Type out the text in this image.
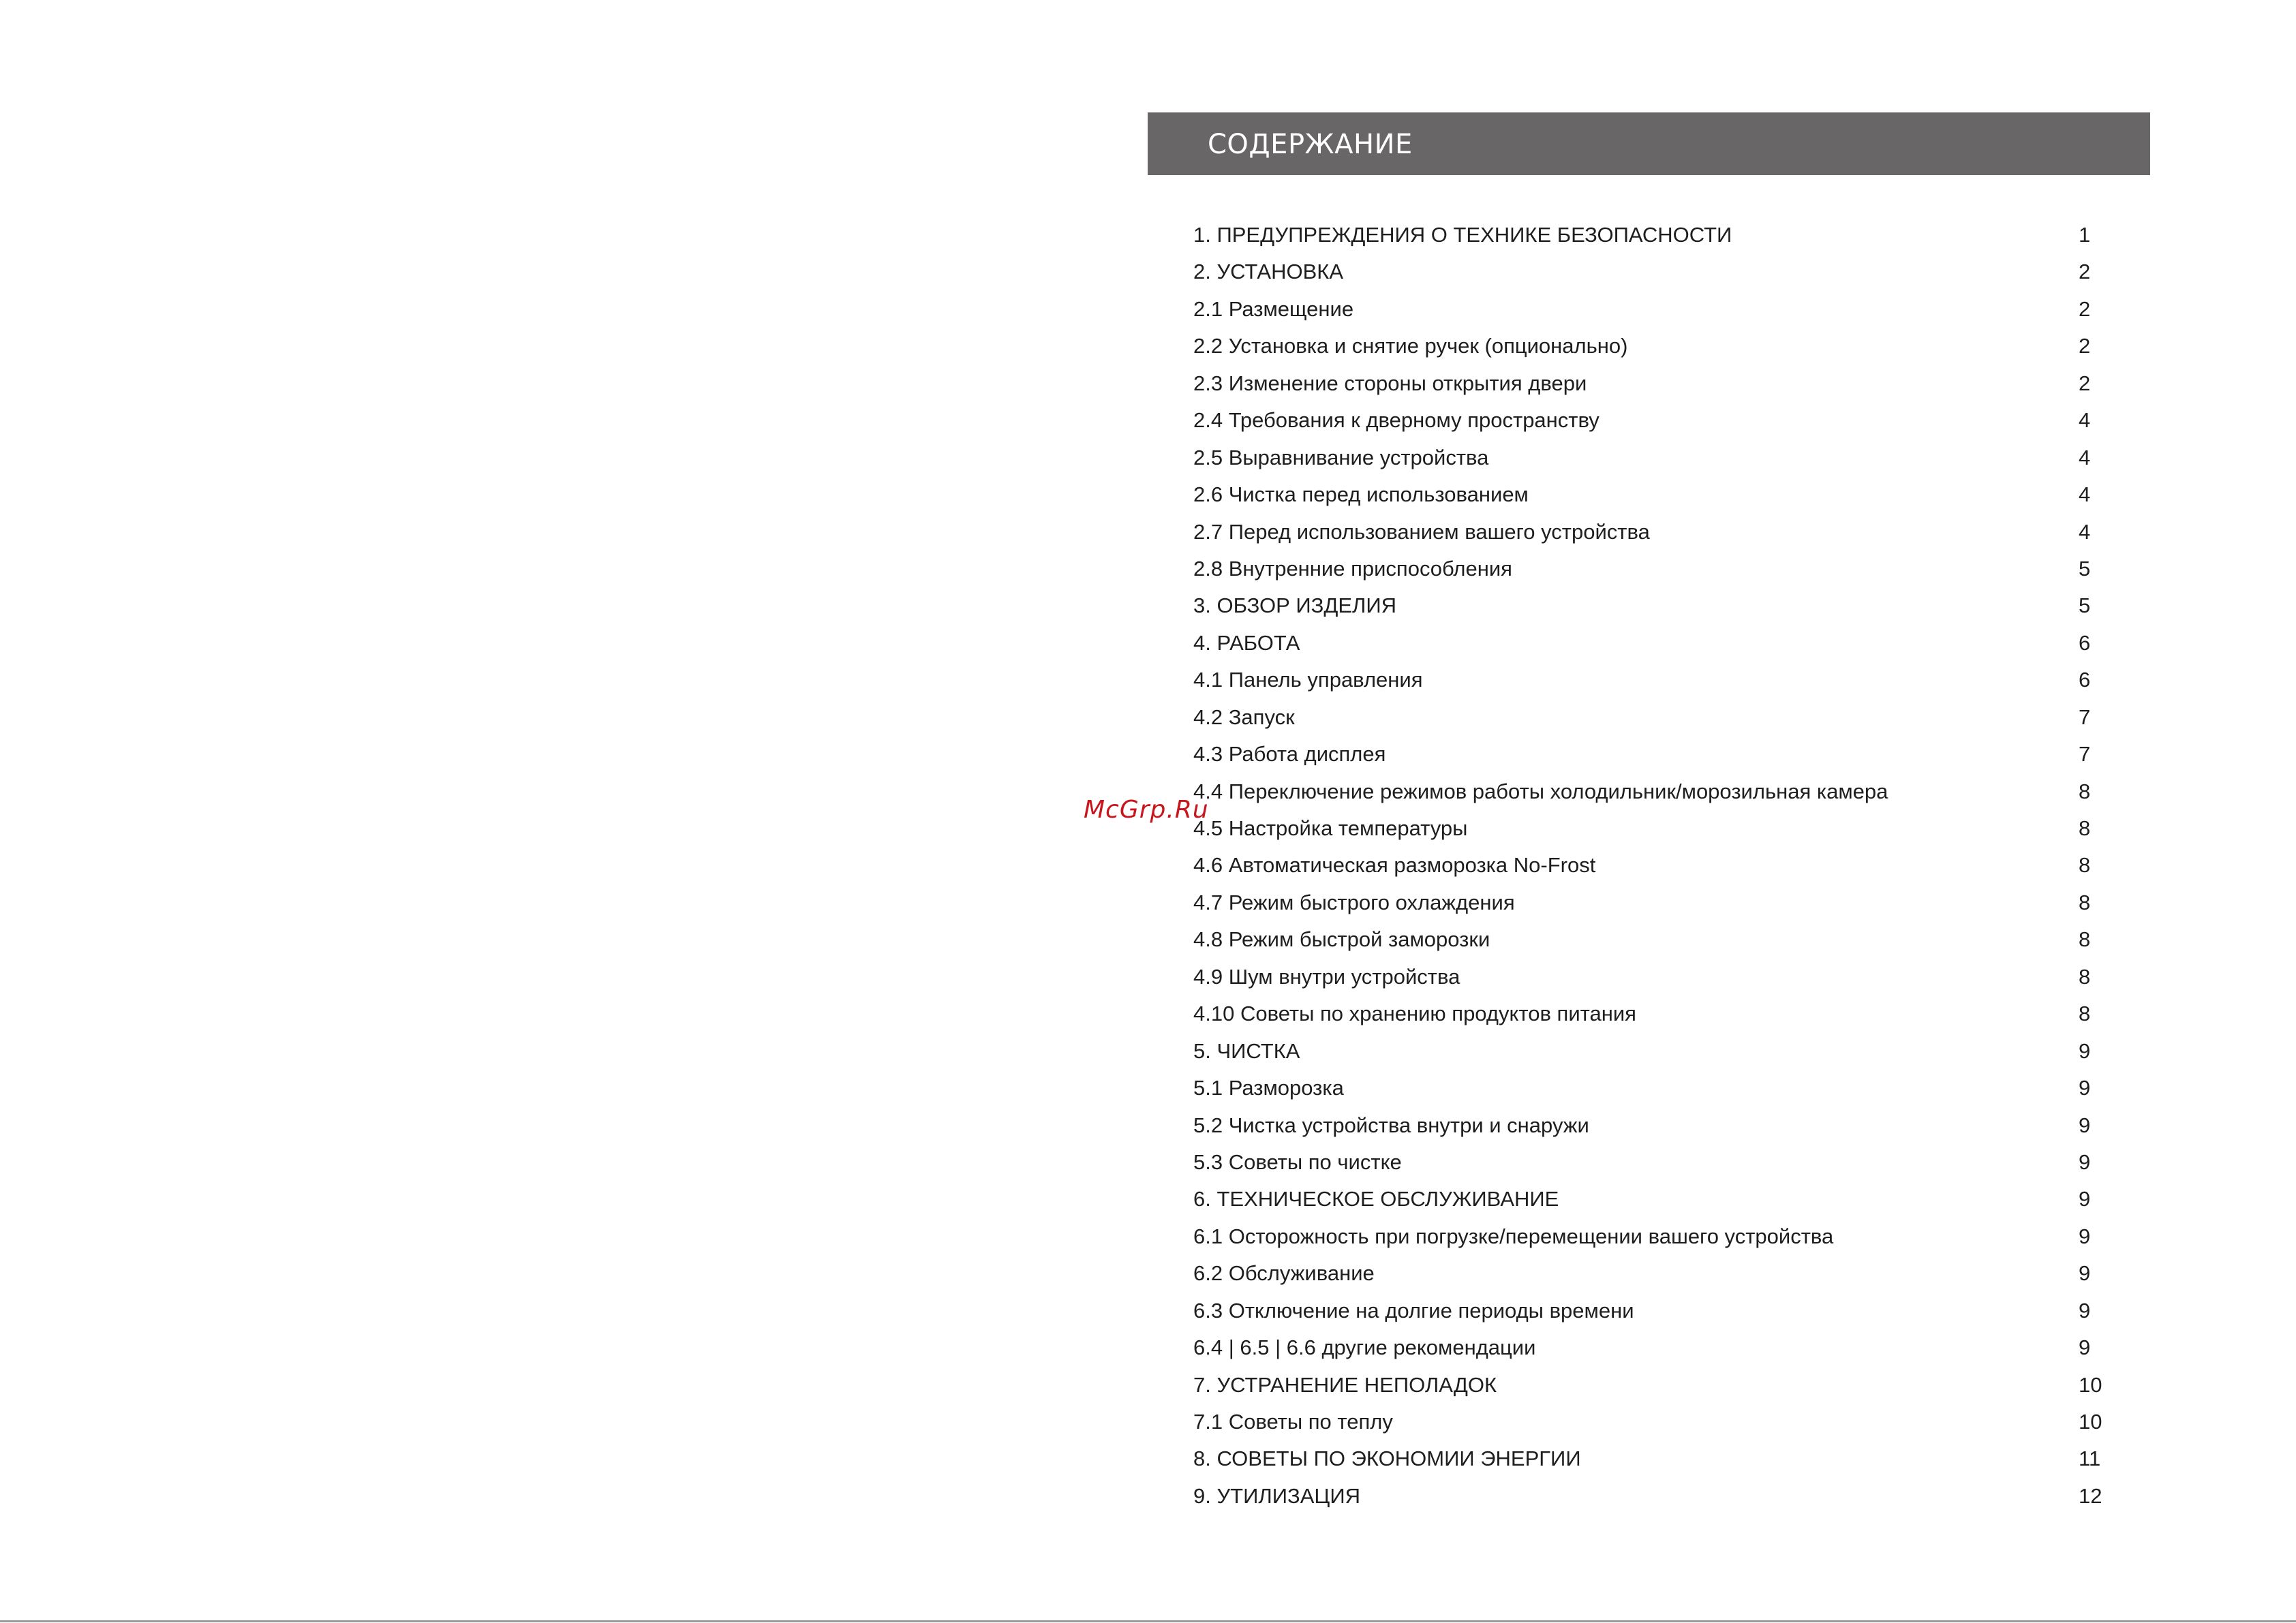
СОДЕРЖАНИЕ
1. ПРЕДУПРЕЖДЕНИЯ О ТЕХНИКЕ БЕЗОПАСНОСТИ	1
2. УСТАНОВКА	2
2.1 Размещение	2
2.2 Установка и снятие ручек (опционально)	2
2.3 Изменение стороны открытия двери	2
2.4 Требования к дверному пространству	4
2.5 Выравнивание устройства	4
2.6 Чистка перед использованием	4
2.7 Перед использованием вашего устройства	4
2.8 Внутренние приспособления	5
3. ОБЗОР ИЗДЕЛИЯ	5
4. РАБОТА	6
4.1 Панель управления	6
4.2 Запуск	7
4.3 Работа дисплея	7
4.4 Переключение режимов работы холодильник/морозильная камера	8
4.5 Настройка температуры	8
4.6 Автоматическая разморозка No-Frost	8
4.7 Режим быстрого охлаждения	8
4.8 Режим быстрой заморозки	8
4.9 Шум внутри устройства	8
4.10 Советы по хранению продуктов питания	8
5. ЧИСТКА	9
5.1 Разморозка	9
5.2 Чистка устройства внутри и снаружи	9
5.3 Советы по чистке	9
6. ТЕХНИЧЕСКОЕ ОБСЛУЖИВАНИЕ	9
6.1 Осторожность при погрузке/перемещении вашего устройства	9
6.2 Обслуживание	9
6.3 Отключение на долгие периоды времени	9
6.4 | 6.5 | 6.6 другие рекомендации	9
7. УСТРАНЕНИЕ НЕПОЛАДОК	10
7.1 Советы по теплу	10
8. СОВЕТЫ ПО ЭКОНОМИИ ЭНЕРГИИ	11
9. УТИЛИЗАЦИЯ	12
McGrp.Ru
